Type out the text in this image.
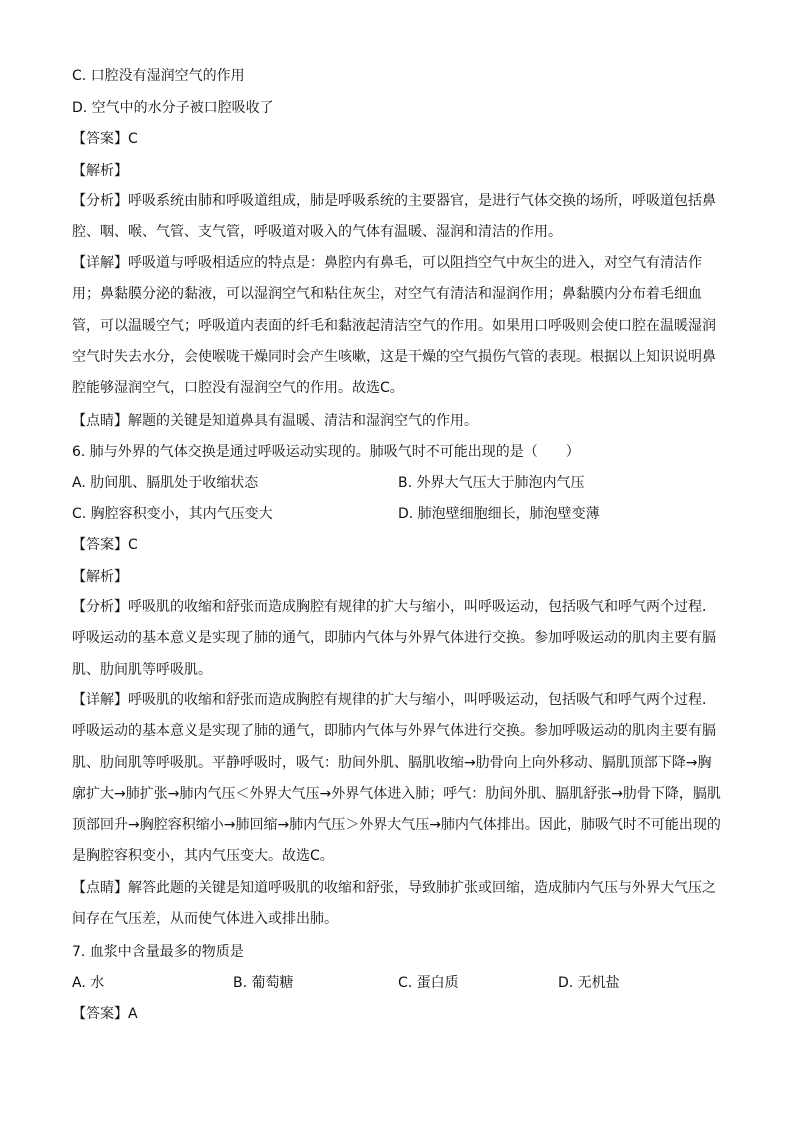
C. 口腔没有湿润空气的作用
D. 空气中的水分子被口腔吸收了
【答案】C
【解析】
【分析】呼吸系统由肺和呼吸道组成，肺是呼吸系统的主要器官，是进行气体交换的场所，呼吸道包括鼻腔、咽、喉、气管、支气管，呼吸道对吸入的气体有温暖、湿润和清洁的作用。
【详解】呼吸道与呼吸相适应的特点是：鼻腔内有鼻毛，可以阻挡空气中灰尘的进入，对空气有清洁作用；鼻黏膜分泌的黏液，可以湿润空气和粘住灰尘，对空气有清洁和湿润作用；鼻黏膜内分布着毛细血管，可以温暖空气；呼吸道内表面的纤毛和黏液起清洁空气的作用。如果用口呼吸则会使口腔在温暖湿润空气时失去水分，会使喉咙干燥同时会产生咳嗽，这是干燥的空气损伤气管的表现。根据以上知识说明鼻腔能够湿润空气，口腔没有湿润空气的作用。故选C。
【点睛】解题的关键是知道鼻具有温暖、清洁和湿润空气的作用。
6. 肺与外界的气体交换是通过呼吸运动实现的。肺吸气时不可能出现的是（　　）
A. 肋间肌、膈肌处于收缩状态	B. 外界大气压大于肺泡内气压
C. 胸腔容积变小，其内气压变大	D. 肺泡壁细胞细长，肺泡壁变薄
【答案】C
【解析】
【分析】呼吸肌的收缩和舒张而造成胸腔有规律的扩大与缩小，叫呼吸运动，包括吸气和呼气两个过程．呼吸运动的基本意义是实现了肺的通气，即肺内气体与外界气体进行交换。参加呼吸运动的肌肉主要有膈肌、肋间肌等呼吸肌。
【详解】呼吸肌的收缩和舒张而造成胸腔有规律的扩大与缩小，叫呼吸运动，包括吸气和呼气两个过程．呼吸运动的基本意义是实现了肺的通气，即肺内气体与外界气体进行交换。参加呼吸运动的肌肉主要有膈肌、肋间肌等呼吸肌。平静呼吸时，吸气：肋间外肌、膈肌收缩→肋骨向上向外移动、膈肌顶部下降→胸廓扩大→肺扩张→肺内气压＜外界大气压→外界气体进入肺；呼气：肋间外肌、膈肌舒张→肋骨下降，膈肌顶部回升→胸腔容积缩小→肺回缩→肺内气压＞外界大气压→肺内气体排出。因此，肺吸气时不可能出现的是胸腔容积变小，其内气压变大。故选C。
【点睛】解答此题的关键是知道呼吸肌的收缩和舒张，导致肺扩张或回缩，造成肺内气压与外界大气压之间存在气压差，从而使气体进入或排出肺。
7. 血浆中含量最多的物质是
A. 水	B. 葡萄糖	C. 蛋白质	D. 无机盐
【答案】A
